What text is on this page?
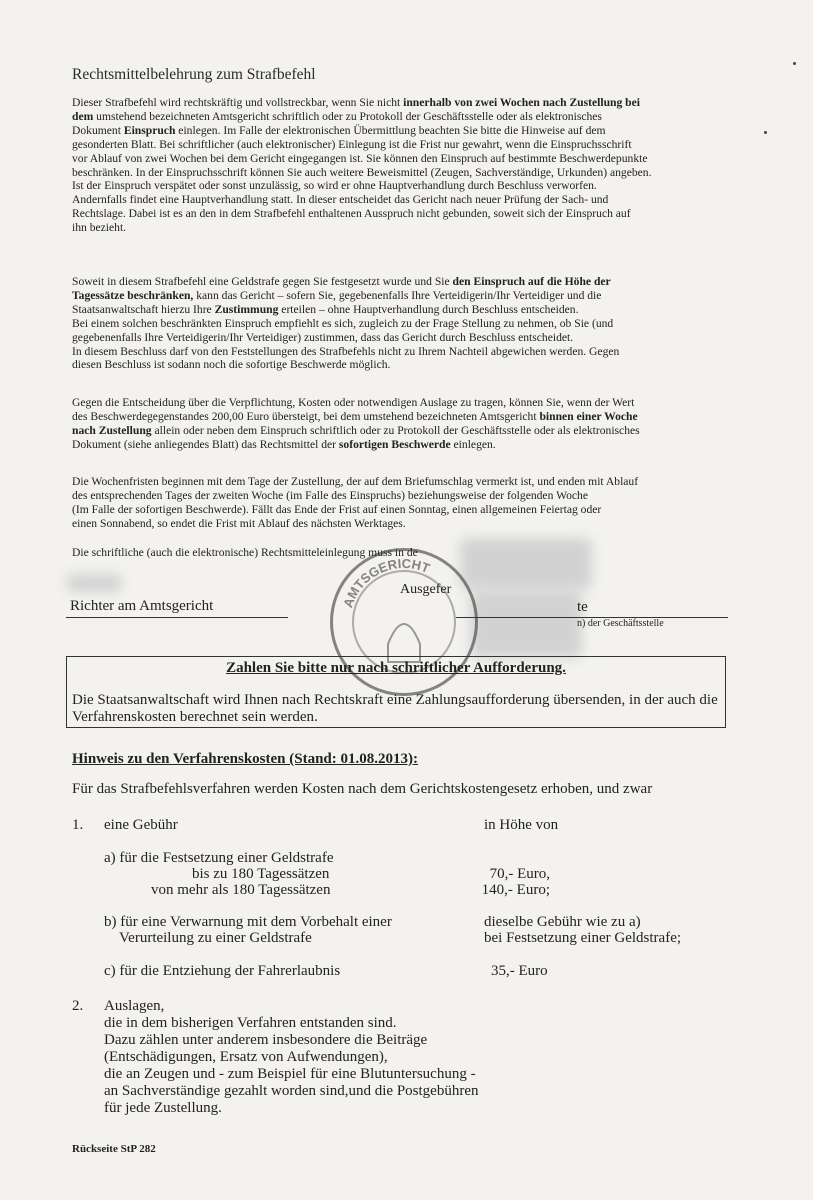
Rechtsmittelbelehrung zum Strafbefehl
Dieser Strafbefehl wird rechtskräftig und vollstreckbar, wenn Sie nicht innerhalb von zwei Wochen nach Zustellung bei
dem umstehend bezeichneten Amtsgericht schriftlich oder zu Protokoll der Geschäftsstelle oder als elektronisches
Dokument Einspruch einlegen. Im Falle der elektronischen Übermittlung beachten Sie bitte die Hinweise auf dem
gesonderten Blatt. Bei schriftlicher (auch elektronischer) Einlegung ist die Frist nur gewahrt, wenn die Einspruchsschrift
vor Ablauf von zwei Wochen bei dem Gericht eingegangen ist. Sie können den Einspruch auf bestimmte Beschwerdepunkte
beschränken. In der Einspruchsschrift können Sie auch weitere Beweismittel (Zeugen, Sachverständige, Urkunden) angeben.
Ist der Einspruch verspätet oder sonst unzulässig, so wird er ohne Hauptverhandlung durch Beschluss verworfen.
Andernfalls findet eine Hauptverhandlung statt. In dieser entscheidet das Gericht nach neuer Prüfung der Sach- und
Rechtslage. Dabei ist es an den in dem Strafbefehl enthaltenen Ausspruch nicht gebunden, soweit sich der Einspruch auf
ihn bezieht.
Soweit in diesem Strafbefehl eine Geldstrafe gegen Sie festgesetzt wurde und Sie den Einspruch auf die Höhe der
Tagessätze beschränken, kann das Gericht – sofern Sie, gegebenenfalls Ihre Verteidigerin/Ihr Verteidiger und die
Staatsanwaltschaft hierzu Ihre Zustimmung erteilen – ohne Hauptverhandlung durch Beschluss entscheiden.
Bei einem solchen beschränkten Einspruch empfiehlt es sich, zugleich zu der Frage Stellung zu nehmen, ob Sie (und
gegebenenfalls Ihre Verteidigerin/Ihr Verteidiger) zustimmen, dass das Gericht durch Beschluss entscheidet.
In diesem Beschluss darf von den Feststellungen des Strafbefehls nicht zu Ihrem Nachteil abgewichen werden. Gegen
diesen Beschluss ist sodann noch die sofortige Beschwerde möglich.
Gegen die Entscheidung über die Verpflichtung, Kosten oder notwendigen Auslage zu tragen, können Sie, wenn der Wert
des Beschwerdegegenstandes 200,00 Euro übersteigt, bei dem umstehend bezeichneten Amtsgericht binnen einer Woche
nach Zustellung allein oder neben dem Einspruch schriftlich oder zu Protokoll der Geschäftsstelle oder als elektronisches
Dokument (siehe anliegendes Blatt) das Rechtsmittel der sofortigen Beschwerde einlegen.
Die Wochenfristen beginnen mit dem Tage der Zustellung, der auf dem Briefumschlag vermerkt ist, und enden mit Ablauf
des entsprechenden Tages der zweiten Woche (im Falle des Einspruchs) beziehungsweise der folgenden Woche
(Im Falle der sofortigen Beschwerde). Fällt das Ende der Frist auf einen Sonntag, einen allgemeinen Feiertag oder
einen Sonnabend, so endet die Frist mit Ablauf des nächsten Werktages.
Die schriftliche (auch die elektronische) Rechtsmitteleinlegung muss in de
AMTSGERICHT
Richter am Amtsgericht
Ausgefer
te
n) der Geschäftsstelle
Zahlen Sie bitte nur nach schriftlicher Aufforderung.
Die Staatsanwaltschaft wird Ihnen nach Rechtskraft eine Zahlungsaufforderung übersenden, in der auch die
Verfahrenskosten berechnet sein werden.
Hinweis zu den Verfahrenskosten (Stand: 01.08.2013):
Für das Strafbefehlsverfahren werden Kosten nach dem Gerichtskostengesetz erhoben, und zwar
1. eine Gebühr	in Höhe von
a) für die Festsetzung einer Geldstrafe
bis zu 180 Tagessätzen
von mehr als 180 Tagessätzen
70,- Euro,
140,- Euro;
b) für eine Verwarnung mit dem Vorbehalt einer
Verurteilung zu einer Geldstrafe
dieselbe Gebühr wie zu a)
bei Festsetzung einer Geldstrafe;
c) für die Entziehung der Fahrerlaubnis	35,- Euro
2. Auslagen,
die in dem bisherigen Verfahren entstanden sind.
Dazu zählen unter anderem insbesondere die Beiträge
(Entschädigungen, Ersatz von Aufwendungen),
die an Zeugen und - zum Beispiel für eine Blutuntersuchung -
an Sachverständige gezahlt worden sind,und die Postgebühren
für jede Zustellung.
Rückseite StP 282
